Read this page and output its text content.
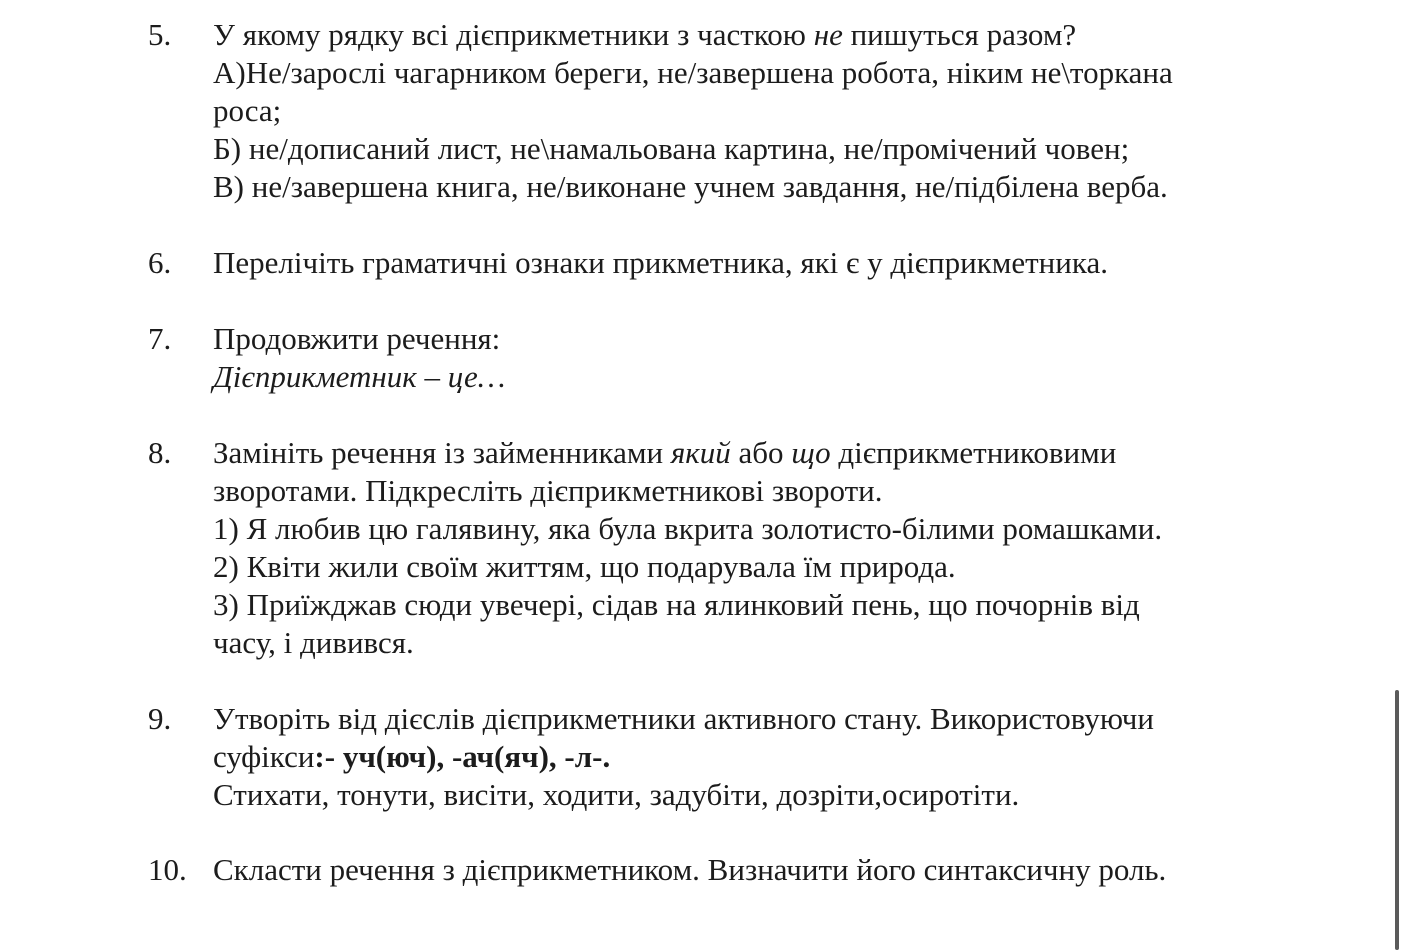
5. У якому рядку всі дієприкметники з часткою не пишуться разом?
А)Не/зарослі чагарником береги, не/завершена робота, ніким не\торкана
роса;
Б) не/дописаний лист, не\намальована картина, не/промічений човен;
В) не/завершена книга, не/виконане учнем завдання, не/підбілена верба.
6. Перелічіть граматичні ознаки прикметника, які є у дієприкметника.
7. Продовжити речення:
Дієприкметник – це…
8. Замініть речення із займенниками який або що дієприкметниковими
зворотами. Підкресліть дієприкметникові звороти.
1) Я любив цю галявину, яка була вкрита золотисто-білими ромашками.
2) Квіти жили своїм життям, що подарувала їм природа.
3) Приїжджав сюди увечері, сідав на ялинковий пень, що почорнів від
часу, і дивився.
9. Утворіть від дієслів дієприкметники активного стану. Використовуючи
суфікси:- уч(юч), -ач(яч), -л-.
Стихати, тонути, висіти, ходити, задубіти, дозріти,осиротіти.
10. Скласти речення з дієприкметником. Визначити його синтаксичну роль.
